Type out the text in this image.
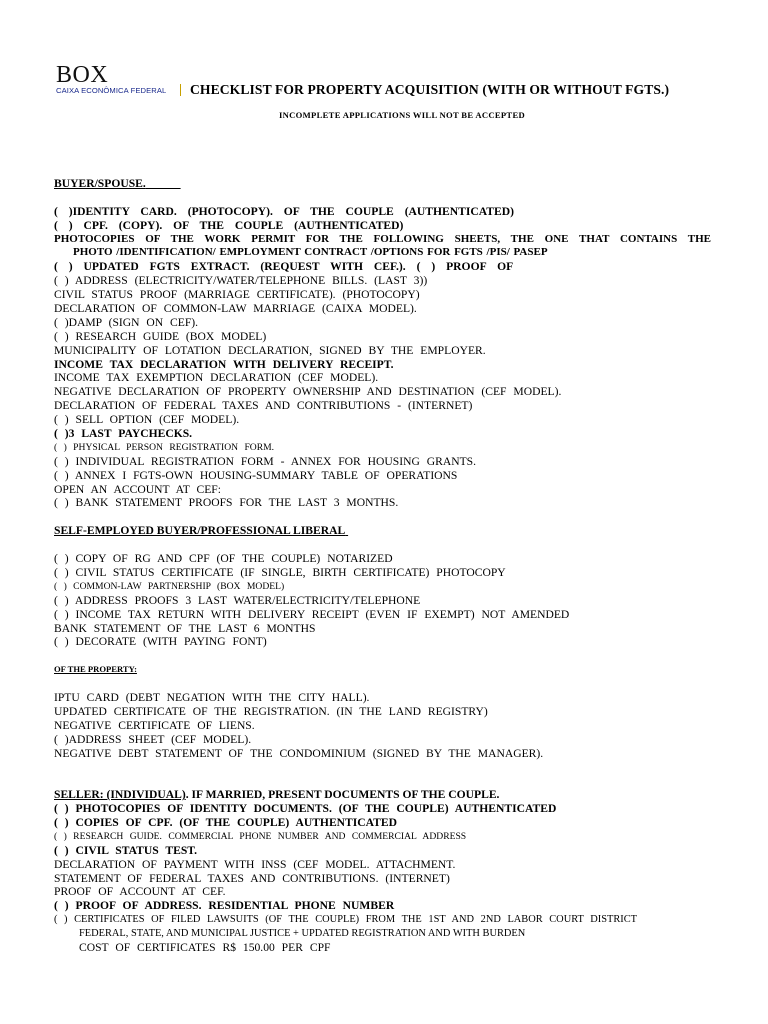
BOX
CAIXA ECONÔMICA FEDERAL	CHECKLIST FOR PROPERTY ACQUISITION (WITH OR WITHOUT FGTS.)
INCOMPLETE APPLICATIONS WILL NOT BE ACCEPTED
BUYER/SPOUSE.
( )IDENTITY CARD. (PHOTOCOPY). OF THE COUPLE (AUTHENTICATED)
( ) CPF. (COPY). OF THE COUPLE (AUTHENTICATED)
PHOTOCOPIES OF THE WORK PERMIT FOR THE FOLLOWING SHEETS, THE ONE THAT CONTAINS THE
PHOTO /IDENTIFICATION/ EMPLOYMENT CONTRACT /OPTIONS FOR FGTS /PIS/ PASEP
( ) UPDATED FGTS EXTRACT. (REQUEST WITH CEF.). ( ) PROOF OF
( ) ADDRESS (ELECTRICITY/WATER/TELEPHONE BILLS. (LAST 3))
CIVIL STATUS PROOF (MARRIAGE CERTIFICATE). (PHOTOCOPY)
DECLARATION OF COMMON-LAW MARRIAGE (CAIXA MODEL).
( )DAMP (SIGN ON CEF).
( ) RESEARCH GUIDE (BOX MODEL)
MUNICIPALITY OF LOTATION DECLARATION, SIGNED BY THE EMPLOYER.
INCOME TAX DECLARATION WITH DELIVERY RECEIPT.
INCOME TAX EXEMPTION DECLARATION (CEF MODEL).
NEGATIVE DECLARATION OF PROPERTY OWNERSHIP AND DESTINATION (CEF MODEL).
DECLARATION OF FEDERAL TAXES AND CONTRIBUTIONS - (INTERNET)
( ) SELL OPTION (CEF MODEL).
( )3 LAST PAYCHECKS.
( ) PHYSICAL PERSON REGISTRATION FORM.
( ) INDIVIDUAL REGISTRATION FORM - ANNEX FOR HOUSING GRANTS.
( ) ANNEX I FGTS-OWN HOUSING-SUMMARY TABLE OF OPERATIONS
OPEN AN ACCOUNT AT CEF:
( ) BANK STATEMENT PROOFS FOR THE LAST 3 MONTHS.
SELF-EMPLOYED BUYER/PROFESSIONAL LIBERAL
( ) COPY OF RG AND CPF (OF THE COUPLE) NOTARIZED
( ) CIVIL STATUS CERTIFICATE (IF SINGLE, BIRTH CERTIFICATE) PHOTOCOPY
( ) COMMON-LAW PARTNERSHIP (BOX MODEL)
( ) ADDRESS PROOFS 3 LAST WATER/ELECTRICITY/TELEPHONE
( ) INCOME TAX RETURN WITH DELIVERY RECEIPT (EVEN IF EXEMPT) NOT AMENDED
BANK STATEMENT OF THE LAST 6 MONTHS
( ) DECORATE (WITH PAYING FONT)
OF THE PROPERTY:
IPTU CARD (DEBT NEGATION WITH THE CITY HALL).
UPDATED CERTIFICATE OF THE REGISTRATION. (IN THE LAND REGISTRY)
NEGATIVE CERTIFICATE OF LIENS.
( )ADDRESS SHEET (CEF MODEL).
NEGATIVE DEBT STATEMENT OF THE CONDOMINIUM (SIGNED BY THE MANAGER).
SELLER: (INDIVIDUAL). IF MARRIED, PRESENT DOCUMENTS OF THE COUPLE.
( ) PHOTOCOPIES OF IDENTITY DOCUMENTS. (OF THE COUPLE) AUTHENTICATED
( ) COPIES OF CPF. (OF THE COUPLE) AUTHENTICATED
( ) RESEARCH GUIDE. COMMERCIAL PHONE NUMBER AND COMMERCIAL ADDRESS
( ) CIVIL STATUS TEST.
DECLARATION OF PAYMENT WITH INSS (CEF MODEL. ATTACHMENT.
STATEMENT OF FEDERAL TAXES AND CONTRIBUTIONS. (INTERNET)
PROOF OF ACCOUNT AT CEF.
( ) PROOF OF ADDRESS. RESIDENTIAL PHONE NUMBER
( ) CERTIFICATES OF FILED LAWSUITS (OF THE COUPLE) FROM THE 1ST AND 2ND LABOR COURT DISTRICT
FEDERAL, STATE, AND MUNICIPAL JUSTICE + UPDATED REGISTRATION AND WITH BURDEN
COST OF CERTIFICATES R$ 150.00 PER CPF
